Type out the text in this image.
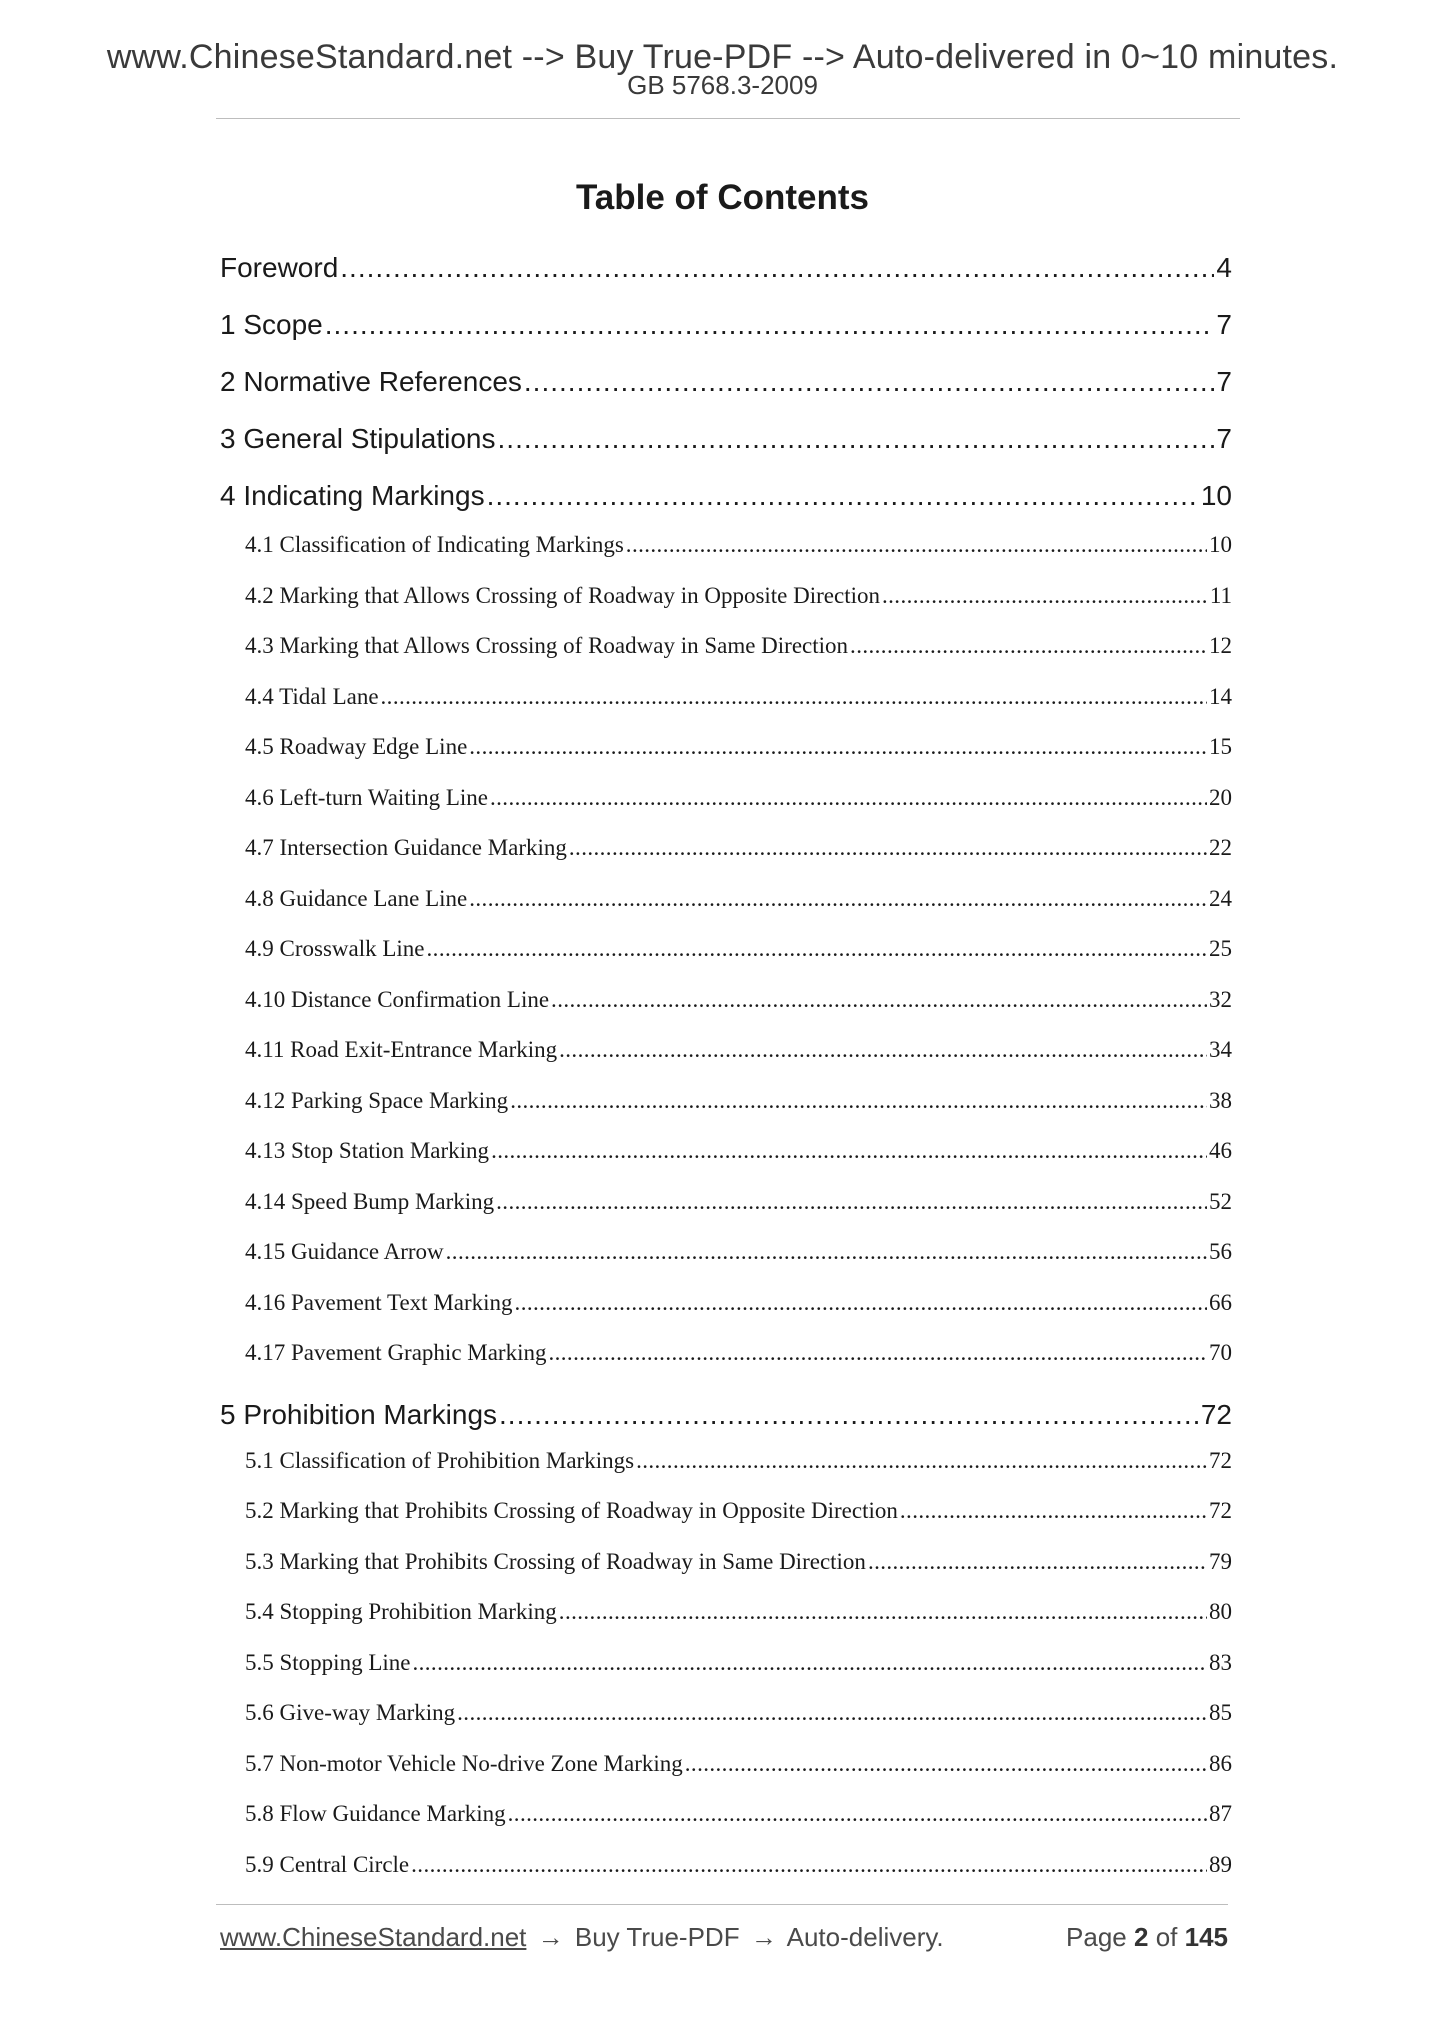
www.ChineseStandard.net --> Buy True-PDF --> Auto-delivered in 0~10 minutes.
GB 5768.3-2009
Table of Contents
Foreword .....	4
1 Scope .....	7
2 Normative References .....	7
3 General Stipulations .....	7
4 Indicating Markings .....	10
4.1 Classification of Indicating Markings .....	10
4.2 Marking that Allows Crossing of Roadway in Opposite Direction .....	11
4.3 Marking that Allows Crossing of Roadway in Same Direction .....	12
4.4 Tidal Lane .....	14
4.5 Roadway Edge Line .....	15
4.6 Left-turn Waiting Line .....	20
4.7 Intersection Guidance Marking .....	22
4.8 Guidance Lane Line .....	24
4.9 Crosswalk Line .....	25
4.10 Distance Confirmation Line .....	32
4.11 Road Exit-Entrance Marking .....	34
4.12 Parking Space Marking .....	38
4.13 Stop Station Marking .....	46
4.14 Speed Bump Marking .....	52
4.15 Guidance Arrow .....	56
4.16 Pavement Text Marking .....	66
4.17 Pavement Graphic Marking .....	70
5 Prohibition Markings .....	72
5.1 Classification of Prohibition Markings .....	72
5.2 Marking that Prohibits Crossing of Roadway in Opposite Direction .....	72
5.3 Marking that Prohibits Crossing of Roadway in Same Direction .....	79
5.4 Stopping Prohibition Marking .....	80
5.5 Stopping Line .....	83
5.6 Give-way Marking .....	85
5.7 Non-motor Vehicle No-drive Zone Marking .....	86
5.8 Flow Guidance Marking .....	87
5.9 Central Circle .....	89
www.ChineseStandard.net → Buy True-PDF → Auto-delivery.	Page 2 of 145
